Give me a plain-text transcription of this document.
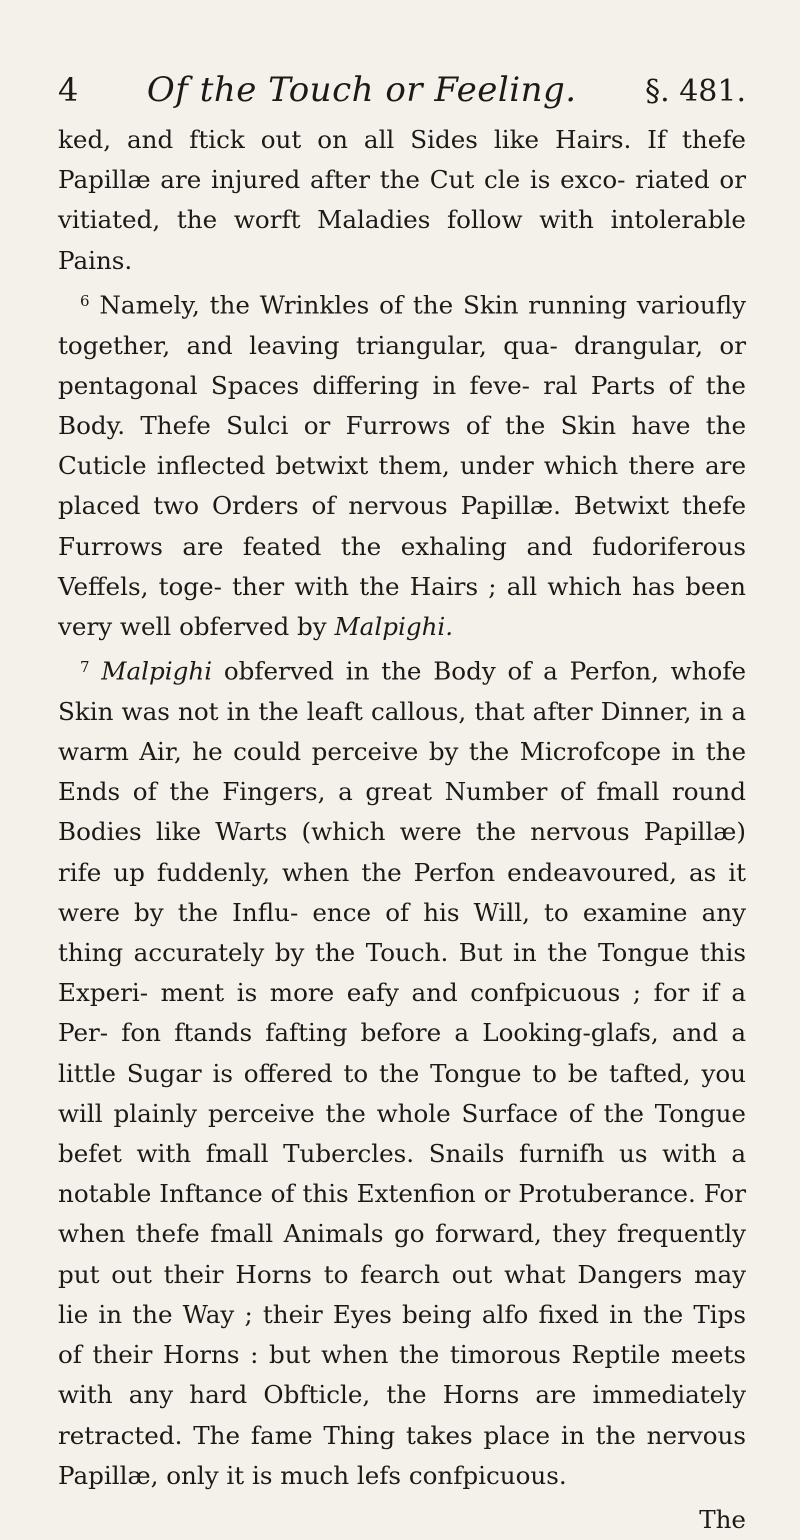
4 Of the Touch or Feeling. §. 481.

ked, and ftick out on all Sides like Hairs. If thefe Papillæ are injured after the Cut cle is exco- riated or vitiated, the worft Maladies follow with intolerable Pains.

$^6$ Namely, the Wrinkles of the Skin running varioufly together, and leaving triangular, qua- drangular, or pentagonal Spaces differing in feve- ral Parts of the Body. Thefe Sulci or Furrows of the Skin have the Cuticle inflected betwixt them, under which there are placed two Orders of nervous Papillæ. Betwixt thefe Furrows are feated the exhaling and fudoriferous Veffels, toge- ther with the Hairs ; all which has been very well obferved by Malpighi.

$^7$ Malpighi obferved in the Body of a Perfon, whofe Skin was not in the leaft callous, that after Dinner, in a warm Air, he could perceive by the Microfcope in the Ends of the Fingers, a great Number of fmall round Bodies like Warts (which were the nervous Papillæ) rife up fuddenly, when the Perfon endeavoured, as it were by the Influ- ence of his Will, to examine any thing accurately by the Touch. But in the Tongue this Experi- ment is more eafy and confpicuous ; for if a Per- fon ftands fafting before a Looking-glafs, and a little Sugar is offered to the Tongue to be tafted, you will plainly perceive the whole Surface of the Tongue befet with fmall Tubercles. Snails furnifh us with a notable Inftance of this Extenfion or Protuberance. For when thefe fmall Animals go forward, they frequently put out their Horns to fearch out what Dangers may lie in the Way ; their Eyes being alfo fixed in the Tips of their Horns : but when the timorous Reptile meets with any hard Obfticle, the Horns are immediately retracted. The fame Thing takes place in the nervous Papillæ, only it is much lefs confpicuous.

The
